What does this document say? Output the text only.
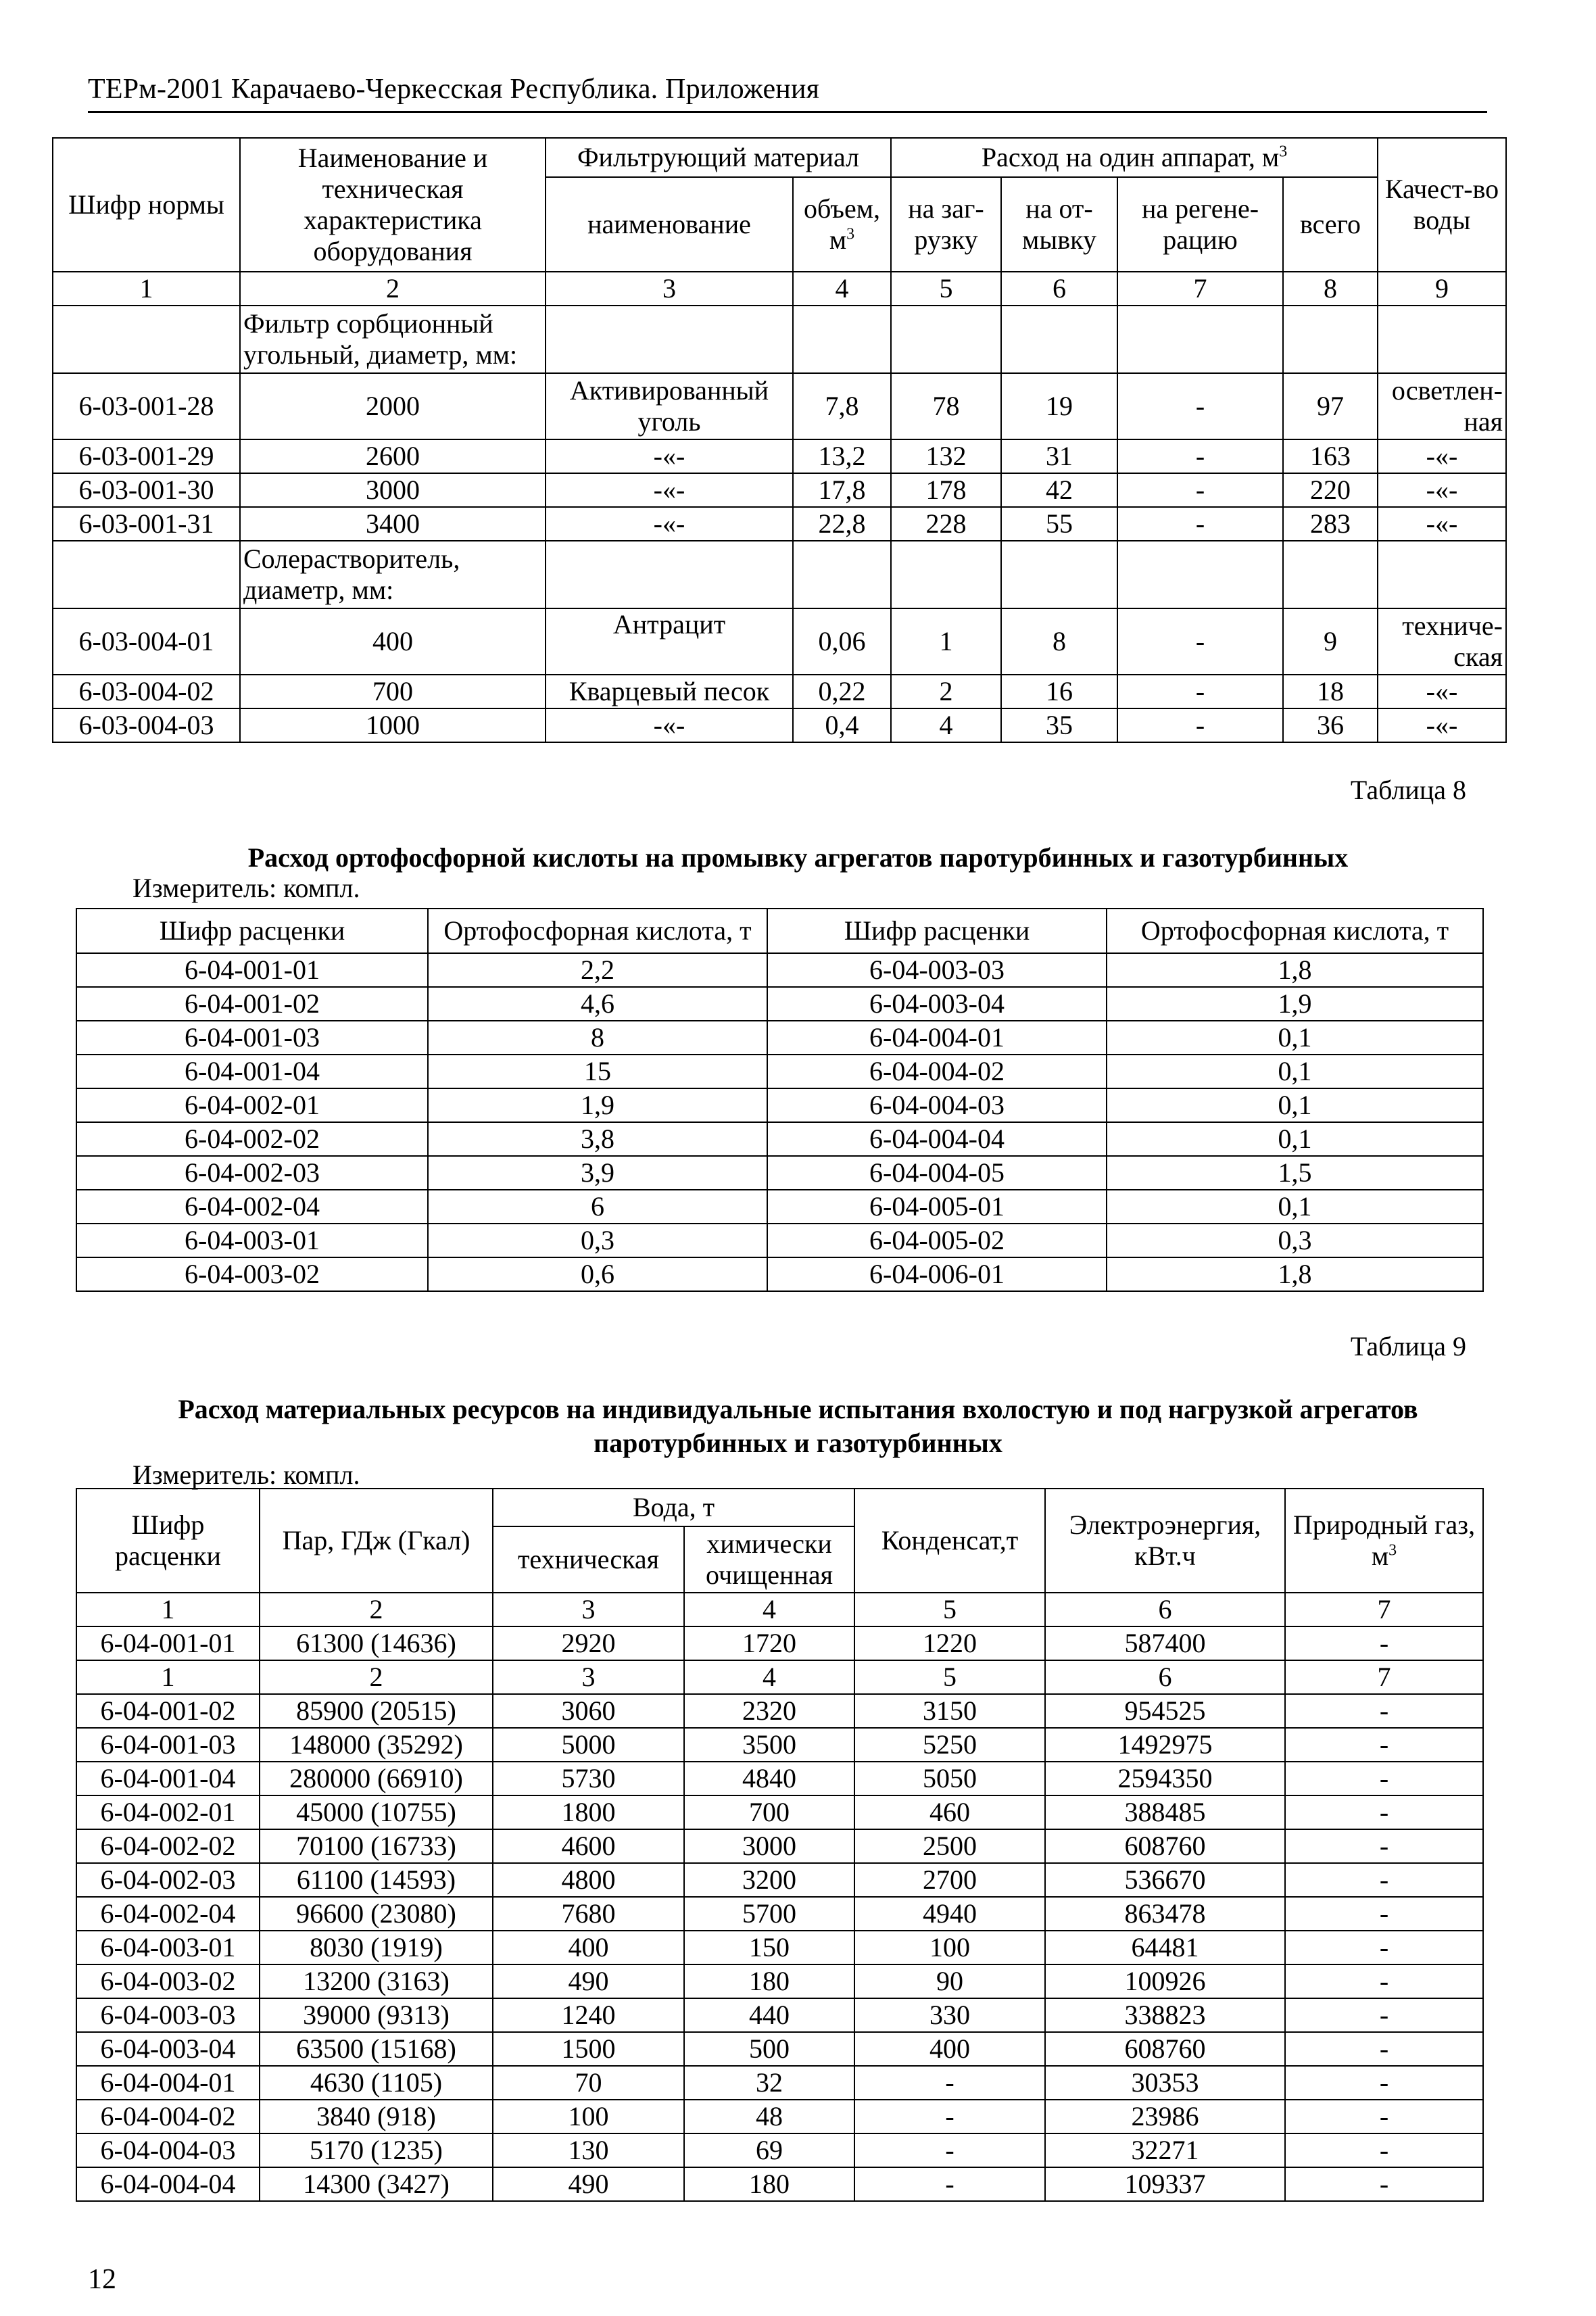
ТЕРм-2001 Карачаево-Черкесская Республика. Приложения
Шифр нормы	Наименование и техническая характеристика оборудования	Фильтрующий материал		Расход на один аппарат, $м^3$				Качест-во воды
		наименование	объем, $м^3$	на заг-рузку	на от-мывку	на регене-рацию	всего	
1	2	3	4	5	6	7	8	9
	Фильтр сорбционный угольный, диаметр, мм:							
6-03-001-28	2000	Активированный уголь	7,8	78	19	-	97	осветлен-ная
6-03-001-29	2600	-«-	13,2	132	31	-	163	-«-
6-03-001-30	3000	-«-	17,8	178	42	-	220	-«-
6-03-001-31	3400	-«-	22,8	228	55	-	283	-«-
	Солерастворитель, диаметр, мм:							
6-03-004-01	400	Антрацит	0,06	1	8	-	9	техниче-ская
6-03-004-02	700	Кварцевый песок	0,22	2	16	-	18	-«-
6-03-004-03	1000	-«-	0,4	4	35	-	36	-«-
Таблица 8
Расход ортофосфорной кислоты на промывку агрегатов паротурбинных и газотурбинных
Измеритель: компл.
Шифр расценки	Ортофосфорная кислота, т	Шифр расценки	Ортофосфорная кислота, т
6-04-001-01	2,2	6-04-003-03	1,8
6-04-001-02	4,6	6-04-003-04	1,9
6-04-001-03	8	6-04-004-01	0,1
6-04-001-04	15	6-04-004-02	0,1
6-04-002-01	1,9	6-04-004-03	0,1
6-04-002-02	3,8	6-04-004-04	0,1
6-04-002-03	3,9	6-04-004-05	1,5
6-04-002-04	6	6-04-005-01	0,1
6-04-003-01	0,3	6-04-005-02	0,3
6-04-003-02	0,6	6-04-006-01	1,8
Таблица 9
Расход материальных ресурсов на индивидуальные испытания вхолостую и под нагрузкой агрегатов
паротурбинных и газотурбинных
Измеритель: компл.
Шифр расценки	Пар, ГДж (Гкал)	Вода, т		Конденсат,т	Электроэнергия, кВт.ч	Природный газ, $м^3$
		техническая	химически очищенная			
1	2	3	4	5	6	7
6-04-001-01	61300 (14636)	2920	1720	1220	587400	-
1	2	3	4	5	6	7
6-04-001-02	85900 (20515)	3060	2320	3150	954525	-
6-04-001-03	148000 (35292)	5000	3500	5250	1492975	-
6-04-001-04	280000 (66910)	5730	4840	5050	2594350	-
6-04-002-01	45000 (10755)	1800	700	460	388485	-
6-04-002-02	70100 (16733)	4600	3000	2500	608760	-
6-04-002-03	61100 (14593)	4800	3200	2700	536670	-
6-04-002-04	96600 (23080)	7680	5700	4940	863478	-
6-04-003-01	8030 (1919)	400	150	100	64481	-
6-04-003-02	13200 (3163)	490	180	90	100926	-
6-04-003-03	39000 (9313)	1240	440	330	338823	-
6-04-003-04	63500 (15168)	1500	500	400	608760	-
6-04-004-01	4630 (1105)	70	32	-	30353	-
6-04-004-02	3840 (918)	100	48	-	23986	-
6-04-004-03	5170 (1235)	130	69	-	32271	-
6-04-004-04	14300 (3427)	490	180	-	109337	-
12
